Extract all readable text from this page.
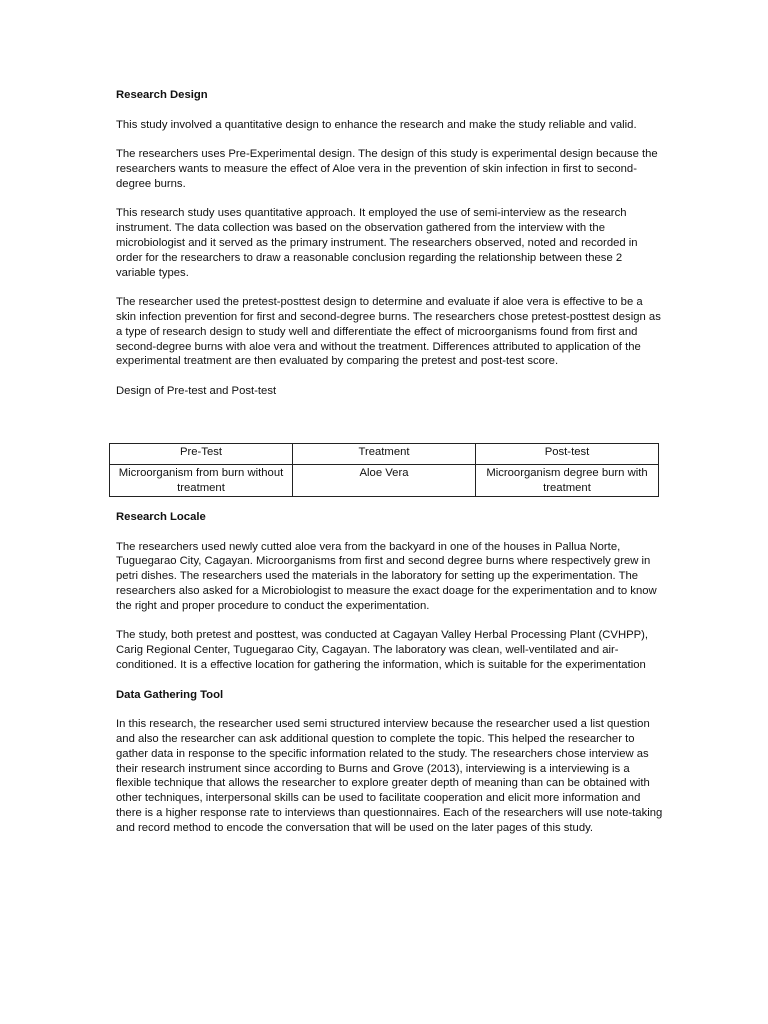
Research Design

This study involved a quantitative design to enhance the research and make the study reliable and valid.

The researchers uses Pre-Experimental design. The design of this study is experimental design because the researchers wants to measure the effect of Aloe vera in the prevention of skin infection in first to second-degree burns.

This research study uses quantitative approach. It employed the use of semi-interview as the research instrument. The data collection was based on the observation gathered from the interview with the microbiologist and it served as the primary instrument. The researchers observed, noted and recorded in order for the researchers to draw a reasonable conclusion regarding the relationship between these 2 variable types.

The researcher used the pretest-posttest design to determine and evaluate if aloe vera is effective to be a skin infection prevention for first and second-degree burns. The researchers chose pretest-posttest design as a type of research design to study well and differentiate the effect of microorganisms found from first and second-degree burns with aloe vera and without the treatment. Differences attributed to application of the experimental treatment are then evaluated by comparing the pretest and post-test score.

Design of Pre-test and Post-test

Pre-Test	Treatment	Post-test
Microorganism from burn without treatment	Aloe Vera	Microorganism degree burn with treatment

Research Locale

The researchers used newly cutted aloe vera from the backyard in one of the houses in Pallua Norte, Tuguegarao City, Cagayan. Microorganisms from first and second degree burns where respectively grew in petri dishes. The researchers used the materials in the laboratory for setting up the experimentation. The researchers also asked for a Microbiologist to measure the exact doage for the experimentation and to know the right and proper procedure to conduct the experimentation.

The study, both pretest and posttest, was conducted at Cagayan Valley Herbal Processing Plant (CVHPP), Carig Regional Center, Tuguegarao City, Cagayan. The laboratory was clean, well-ventilated and air-conditioned. It is a effective location for gathering the information, which is suitable for the experimentation

Data Gathering Tool

In this research, the researcher used semi structured interview because the researcher used a list question and also the researcher can ask additional question to complete the topic. This helped the researcher to gather data in response to the specific information related to the study. The researchers chose interview as their research instrument since according to Burns and Grove (2013), interviewing is a interviewing is a flexible technique that allows the researcher to explore greater depth of meaning than can be obtained with other techniques, interpersonal skills can be used to facilitate cooperation and elicit more information and there is a higher response rate to interviews than questionnaires. Each of the researchers will use note-taking and record method to encode the conversation that will be used on the later pages of this study.
